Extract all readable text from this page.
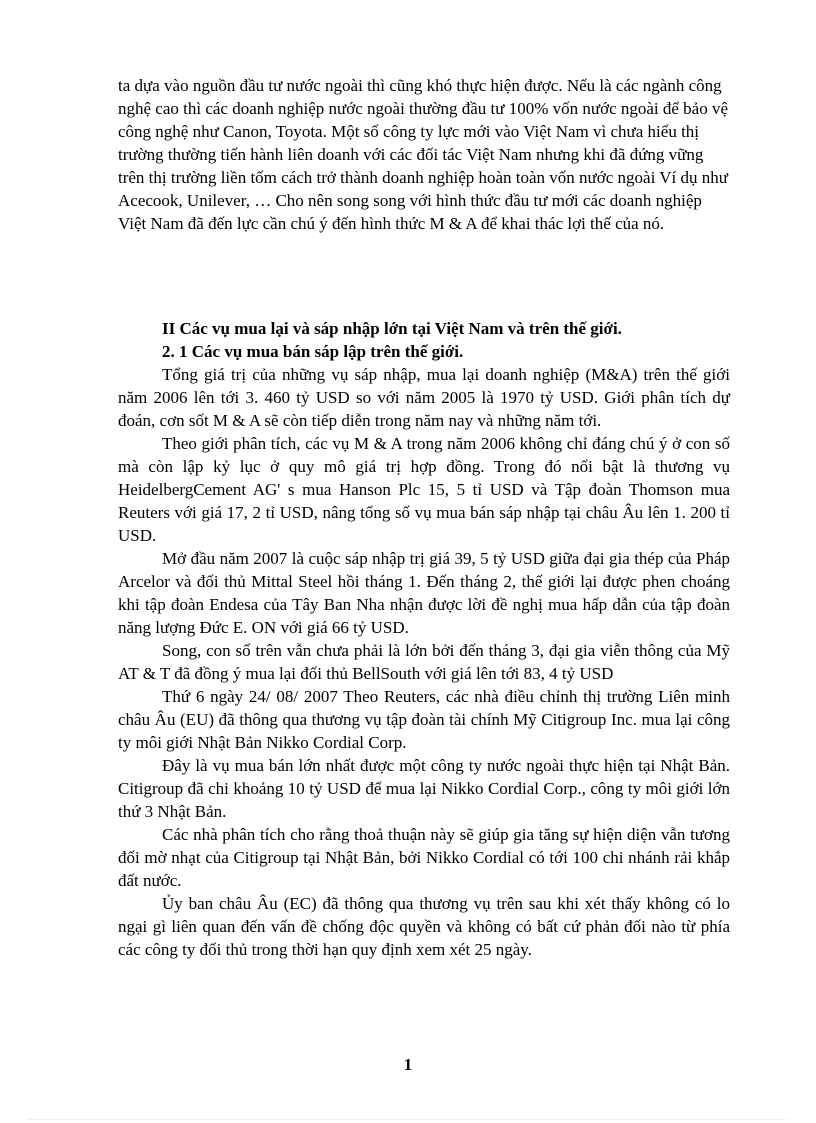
ta dựa vào nguồn đầu tư nước ngoài thì cũng khó thực hiện được. Nếu là các ngành công nghệ cao thì các doanh nghiệp nước ngoài thường đầu tư 100% vốn nước ngoài để bảo vệ công nghệ như Canon, Toyota. Một số công ty lực mới vào Việt Nam vì chưa hiểu thị trường thường tiến hành liên doanh với các đối tác Việt Nam nhưng khi đã đứng vững trên thị trường liền tốm cách trở thành doanh nghiệp hoàn toàn vốn nước ngoài Ví dụ như Acecook, Unilever, … Cho nên song song với hình thức đầu tư mới các doanh nghiệp Việt Nam đã đến lực cần chú ý đến hình thức M & A để khai thác lợi thế của nó.

II Các vụ mua lại và sáp nhập lớn tại Việt Nam và trên thế giới.

2. 1 Các vụ mua bán sáp lập trên thế giới.

Tổng giá trị của những vụ sáp nhập, mua lại doanh nghiệp (M&A) trên thế giới năm 2006 lên tới 3. 460 tỷ USD so với năm 2005 là 1970 tỷ USD. Giới phân tích dự đoán, cơn sốt M & A sẽ còn tiếp diễn trong năm nay và những năm tới.

Theo giới phân tích, các vụ M & A trong năm 2006 không chỉ đáng chú ý ở con số mà còn lập kỷ lục ở quy mô giá trị hợp đồng. Trong đó nổi bật là thương vụ HeidelbergCement AG' s mua Hanson Plc 15, 5 tỉ USD và Tập đoàn Thomson mua Reuters với giá 17, 2 tỉ USD, nâng tổng số vụ mua bán sáp nhập tại châu Âu lên 1. 200 tỉ USD.

Mở đầu năm 2007 là cuộc sáp nhập trị giá 39, 5 tỷ USD giữa đại gia thép của Pháp Arcelor và đối thủ Mittal Steel hồi tháng 1. Đến tháng 2, thế giới lại được phen choáng khi tập đoàn Endesa của Tây Ban Nha nhận được lời đề nghị mua hấp dẫn của tập đoàn năng lượng Đức E. ON với giá 66 tỷ USD.

Song, con số trên vẫn chưa phải là lớn bởi đến tháng 3, đại gia viễn thông của Mỹ AT & T đã đồng ý mua lại đối thủ BellSouth với giá lên tới 83, 4 tỷ USD

Thứ 6 ngày 24/ 08/ 2007 Theo Reuters, các nhà điều chỉnh thị trường Liên minh châu Âu (EU) đã thông qua thương vụ tập đoàn tài chính Mỹ Citigroup Inc. mua lại công ty môi giới Nhật Bản Nikko Cordial Corp.

Đây là vụ mua bán lớn nhất được một công ty nước ngoài thực hiện tại Nhật Bản. Citigroup đã chi khoảng 10 tỷ USD để mua lại Nikko Cordial Corp., công ty môi giới lớn thứ 3 Nhật Bản.

Các nhà phân tích cho rằng thoả thuận này sẽ giúp gia tăng sự hiện diện vẫn tương đối mờ nhạt của Citigroup tại Nhật Bản, bởi Nikko Cordial có tới 100 chi nhánh rải khắp đất nước.

Ủy ban châu Âu (EC) đã thông qua thương vụ trên sau khi xét thấy không có lo ngại gì liên quan đến vấn đề chống độc quyền và không có bất cứ phản đối nào từ phía các công ty đối thủ trong thời hạn quy định xem xét 25 ngày.

1
